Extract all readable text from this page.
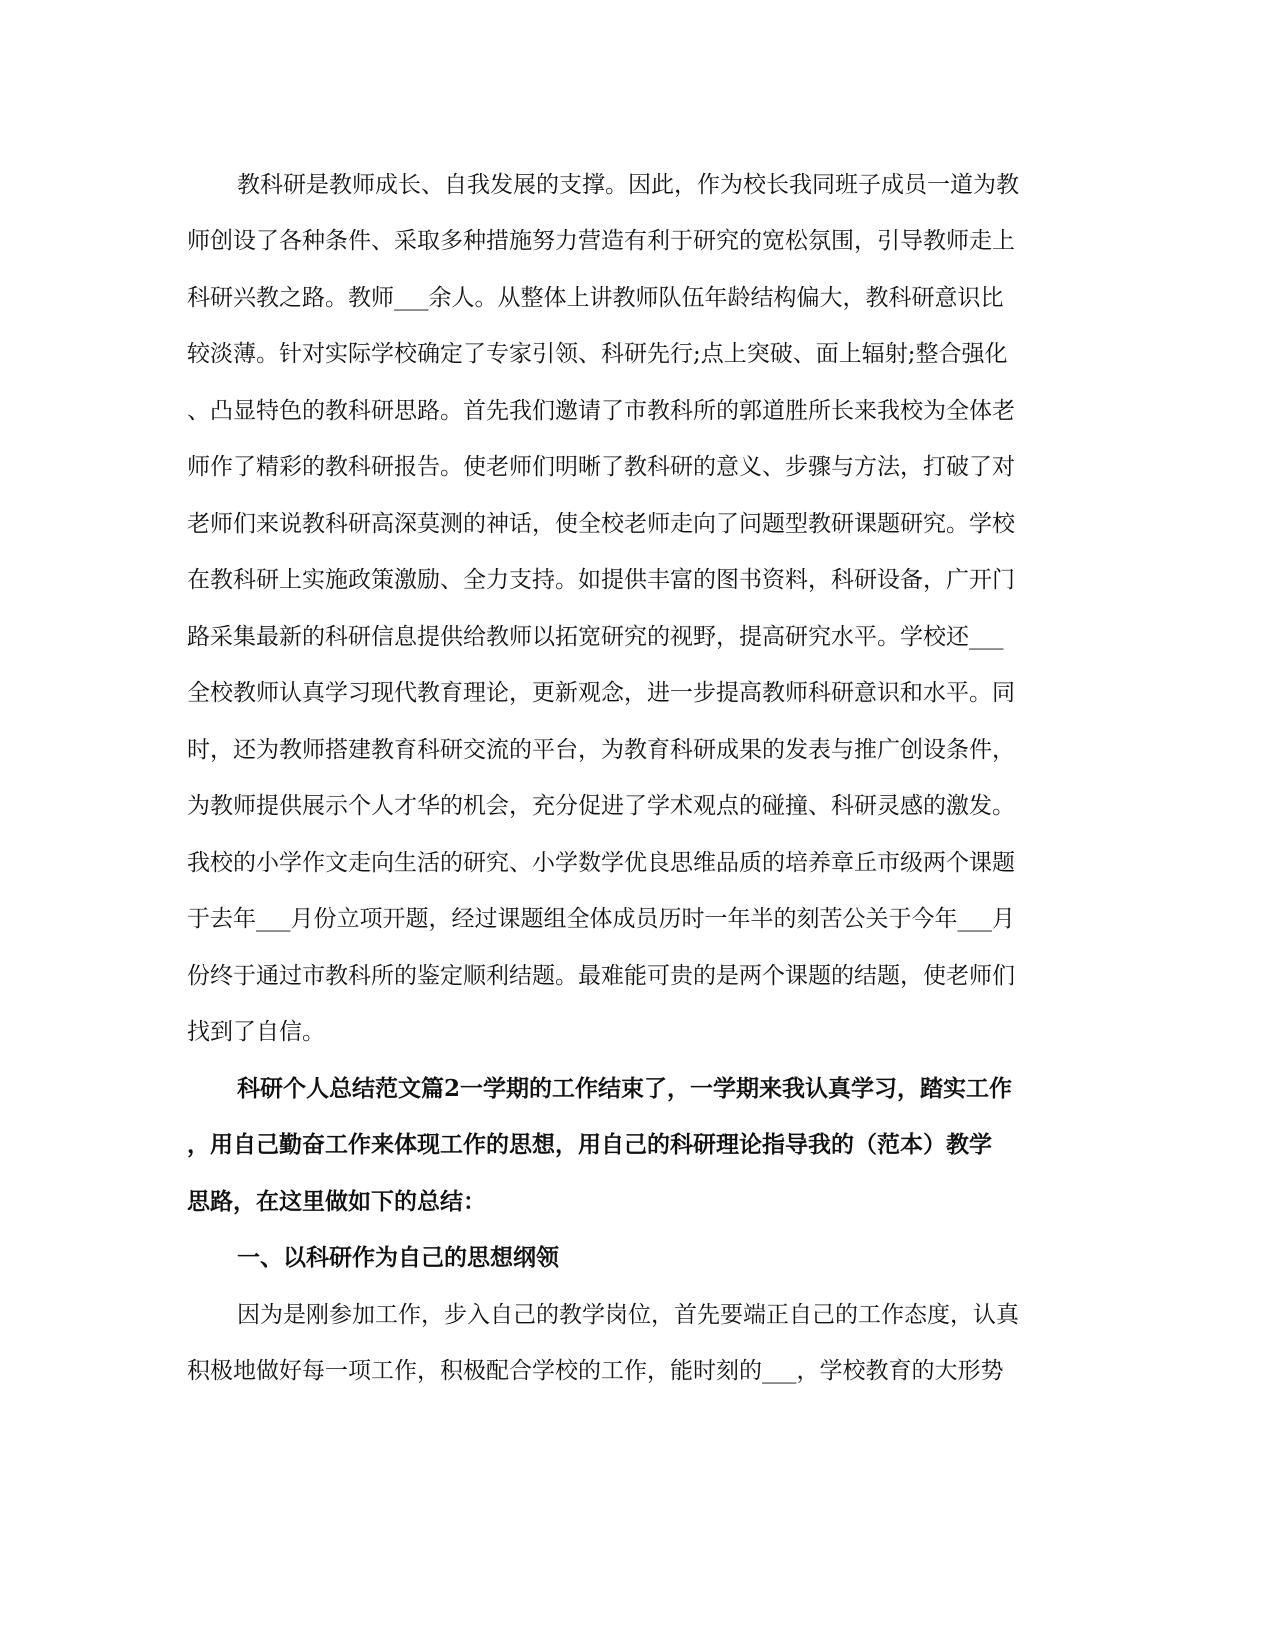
教科研是教师成长、自我发展的支撑。因此，作为校长我同班子成员一道为教
师创设了各种条件、采取多种措施努力营造有利于研究的宽松氛围，引导教师走上
科研兴教之路。教师___余人。从整体上讲教师队伍年龄结构偏大，教科研意识比
较淡薄。针对实际学校确定了专家引领、科研先行;点上突破、面上辐射;整合强化
、凸显特色的教科研思路。首先我们邀请了市教科所的郭道胜所长来我校为全体老
师作了精彩的教科研报告。使老师们明晰了教科研的意义、步骤与方法，打破了对
老师们来说教科研高深莫测的神话，使全校老师走向了问题型教研课题研究。学校
在教科研上实施政策激励、全力支持。如提供丰富的图书资料，科研设备，广开门
路采集最新的科研信息提供给教师以拓宽研究的视野，提高研究水平。学校还___
全校教师认真学习现代教育理论，更新观念，进一步提高教师科研意识和水平。同
时，还为教师搭建教育科研交流的平台，为教育科研成果的发表与推广创设条件，
为教师提供展示个人才华的机会，充分促进了学术观点的碰撞、科研灵感的激发。
我校的小学作文走向生活的研究、小学数学优良思维品质的培养章丘市级两个课题
于去年___月份立项开题，经过课题组全体成员历时一年半的刻苦公关于今年___月
份终于通过市教科所的鉴定顺利结题。最难能可贵的是两个课题的结题，使老师们
找到了自信。
科研个人总结范文篇2一学期的工作结束了，一学期来我认真学习，踏实工作
，用自己勤奋工作来体现工作的思想，用自己的科研理论指导我的（范本）教学
思路，在这里做如下的总结：
一、以科研作为自己的思想纲领
因为是刚参加工作，步入自己的教学岗位，首先要端正自己的工作态度，认真
积极地做好每一项工作，积极配合学校的工作，能时刻的___，学校教育的大形势
